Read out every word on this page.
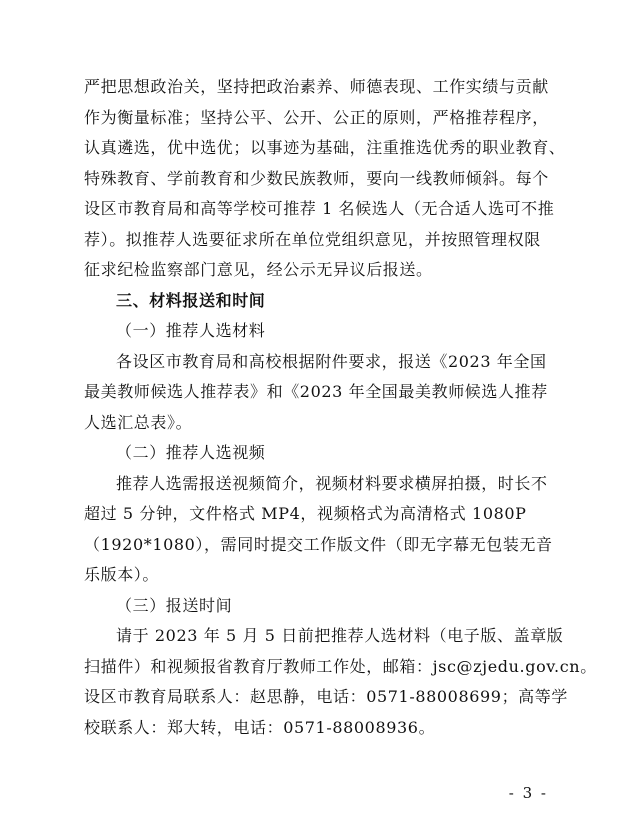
严把思想政治关，坚持把政治素养、师德表现、工作实绩与贡献
作为衡量标准；坚持公平、公开、公正的原则，严格推荐程序，
认真遴选，优中选优；以事迹为基础，注重推选优秀的职业教育、
特殊教育、学前教育和少数民族教师，要向一线教师倾斜。每个
设区市教育局和高等学校可推荐 1 名候选人（无合适人选可不推
荐）。拟推荐人选要征求所在单位党组织意见，并按照管理权限
征求纪检监察部门意见，经公示无异议后报送。
三、材料报送和时间
（一）推荐人选材料
各设区市教育局和高校根据附件要求，报送《2023 年全国
最美教师候选人推荐表》和《2023 年全国最美教师候选人推荐
人选汇总表》。
（二）推荐人选视频
推荐人选需报送视频简介，视频材料要求横屏拍摄，时长不
超过 5 分钟，文件格式 MP4，视频格式为高清格式 1080P
（1920*1080），需同时提交工作版文件（即无字幕无包装无音
乐版本）。
（三）报送时间
请于 2023 年 5 月 5 日前把推荐人选材料（电子版、盖章版
扫描件）和视频报省教育厅教师工作处，邮箱：jsc@zjedu.gov.cn。
设区市教育局联系人：赵思静，电话：0571-88008699；高等学
校联系人：郑大转，电话：0571-88008936。
- 3 -
